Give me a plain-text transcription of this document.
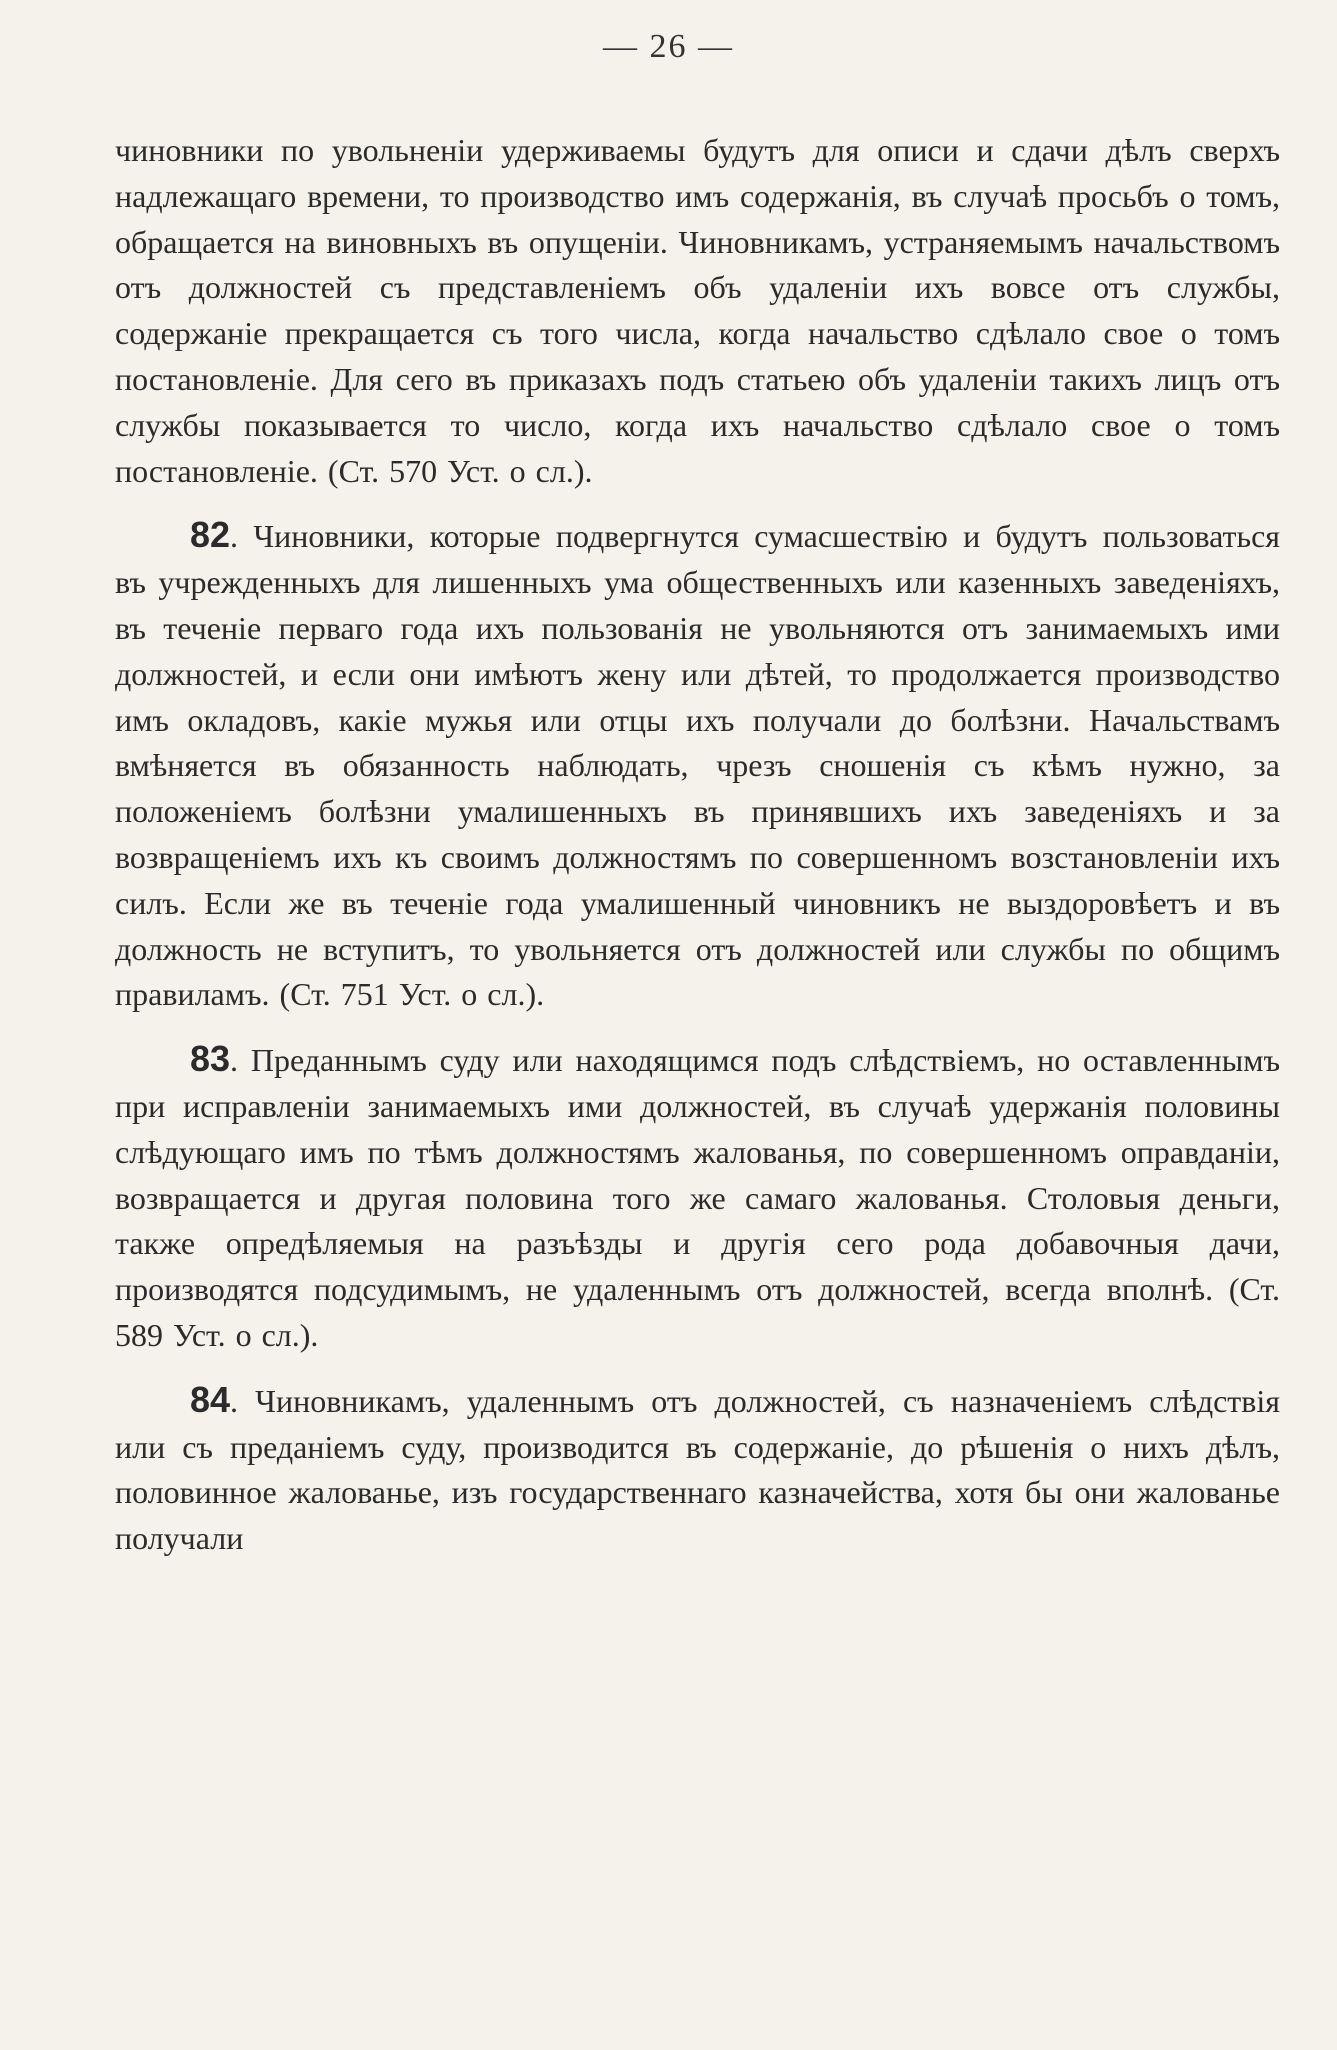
— 26 —

чиновники по увольненіи удерживаемы будутъ для описи и сдачи дѣлъ сверхъ надлежащаго времени, то производство имъ содержанія, въ случаѣ просьбъ о томъ, обращается на виновныхъ въ опущеніи. Чиновникамъ, устраняемымъ начальствомъ отъ должностей съ представленіемъ объ удаленіи ихъ вовсе отъ службы, содержаніе прекращается съ того числа, когда начальство сдѣлало свое о томъ постановленіе. Для сего въ приказахъ подъ статьею объ удаленіи такихъ лицъ отъ службы показывается то число, когда ихъ начальство сдѣлало свое о томъ постановленіе. (Ст. 570 Уст. о сл.).

82. Чиновники, которые подвергнутся сумасшествію и будутъ пользоваться въ учрежденныхъ для лишенныхъ ума общественныхъ или казенныхъ заведеніяхъ, въ теченіе перваго года ихъ пользованія не увольняются отъ занимаемыхъ ими должностей, и если они имѣютъ жену или дѣтей, то продолжается производство имъ окладовъ, какіе мужья или отцы ихъ получали до болѣзни. Начальствамъ вмѣняется въ обязанность наблюдать, чрезъ сношенія съ кѣмъ нужно, за положеніемъ болѣзни умалишенныхъ въ принявшихъ ихъ заведеніяхъ и за возвращеніемъ ихъ къ своимъ должностямъ по совершенномъ возстановленіи ихъ силъ. Если же въ теченіе года умалишенный чиновникъ не выздоровѣетъ и въ должность не вступитъ, то увольняется отъ должностей или службы по общимъ правиламъ. (Ст. 751 Уст. о сл.).

83. Преданнымъ суду или находящимся подъ слѣдствіемъ, но оставленнымъ при исправленіи занимаемыхъ ими должностей, въ случаѣ удержанія половины слѣдующаго имъ по тѣмъ должностямъ жалованья, по совершенномъ оправданіи, возвращается и другая половина того же самаго жалованья. Столовыя деньги, также опредѣляемыя на разъѣзды и другія сего рода добавочныя дачи, производятся подсудимымъ, не удаленнымъ отъ должностей, всегда вполнѣ. (Ст. 589 Уст. о сл.).

84. Чиновникамъ, удаленнымъ отъ должностей, съ назначеніемъ слѣдствія или съ преданіемъ суду, производится въ содержаніе, до рѣшенія о нихъ дѣлъ, половинное жалованье, изъ государственнаго казначейства, хотя бы они жалованье получали
